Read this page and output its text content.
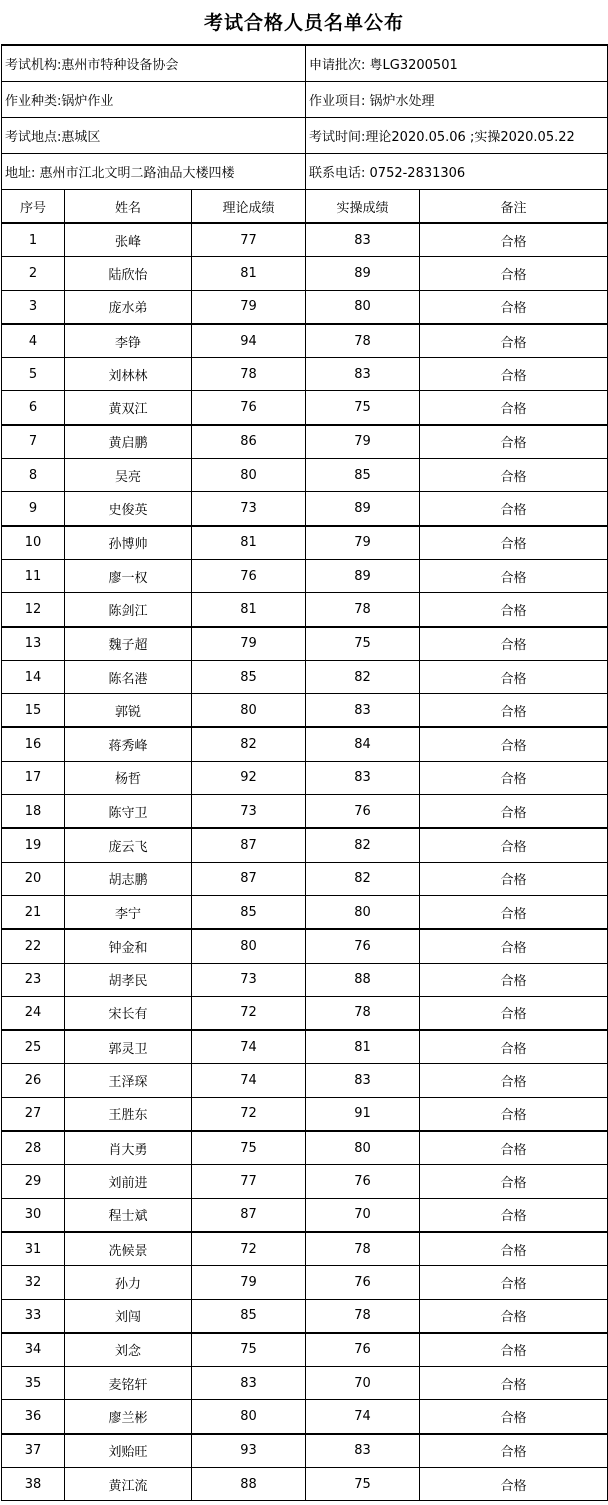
考试合格人员名单公布
考试机构:惠州市特种设备协会			申请批次: 粤LG3200501	
作业种类:锅炉作业			作业项目: 锅炉水处理	
考试地点:惠城区			考试时间:理论2020.05.06 ;实操2020.05.22	
地址: 惠州市江北文明二路油品大楼四楼			联系电话: 0752-2831306	
序号	姓名	理论成绩	实操成绩	备注
1	张峰	77	83	合格
2	陆欣怡	81	89	合格
3	庞水弟	79	80	合格
4	李铮	94	78	合格
5	刘林林	78	83	合格
6	黄双江	76	75	合格
7	黄启鹏	86	79	合格
8	吴亮	80	85	合格
9	史俊英	73	89	合格
10	孙博帅	81	79	合格
11	廖一权	76	89	合格
12	陈剑江	81	78	合格
13	魏子超	79	75	合格
14	陈名港	85	82	合格
15	郭锐	80	83	合格
16	蒋秀峰	82	84	合格
17	杨哲	92	83	合格
18	陈守卫	73	76	合格
19	庞云飞	87	82	合格
20	胡志鹏	87	82	合格
21	李宁	85	80	合格
22	钟金和	80	76	合格
23	胡孝民	73	88	合格
24	宋长有	72	78	合格
25	郭灵卫	74	81	合格
26	王泽琛	74	83	合格
27	王胜东	72	91	合格
28	肖大勇	75	80	合格
29	刘前进	77	76	合格
30	程士斌	87	70	合格
31	冼候景	72	78	合格
32	孙力	79	76	合格
33	刘闯	85	78	合格
34	刘念	75	76	合格
35	麦铭轩	83	70	合格
36	廖兰彬	80	74	合格
37	刘贻旺	93	83	合格
38	黄江流	88	75	合格
